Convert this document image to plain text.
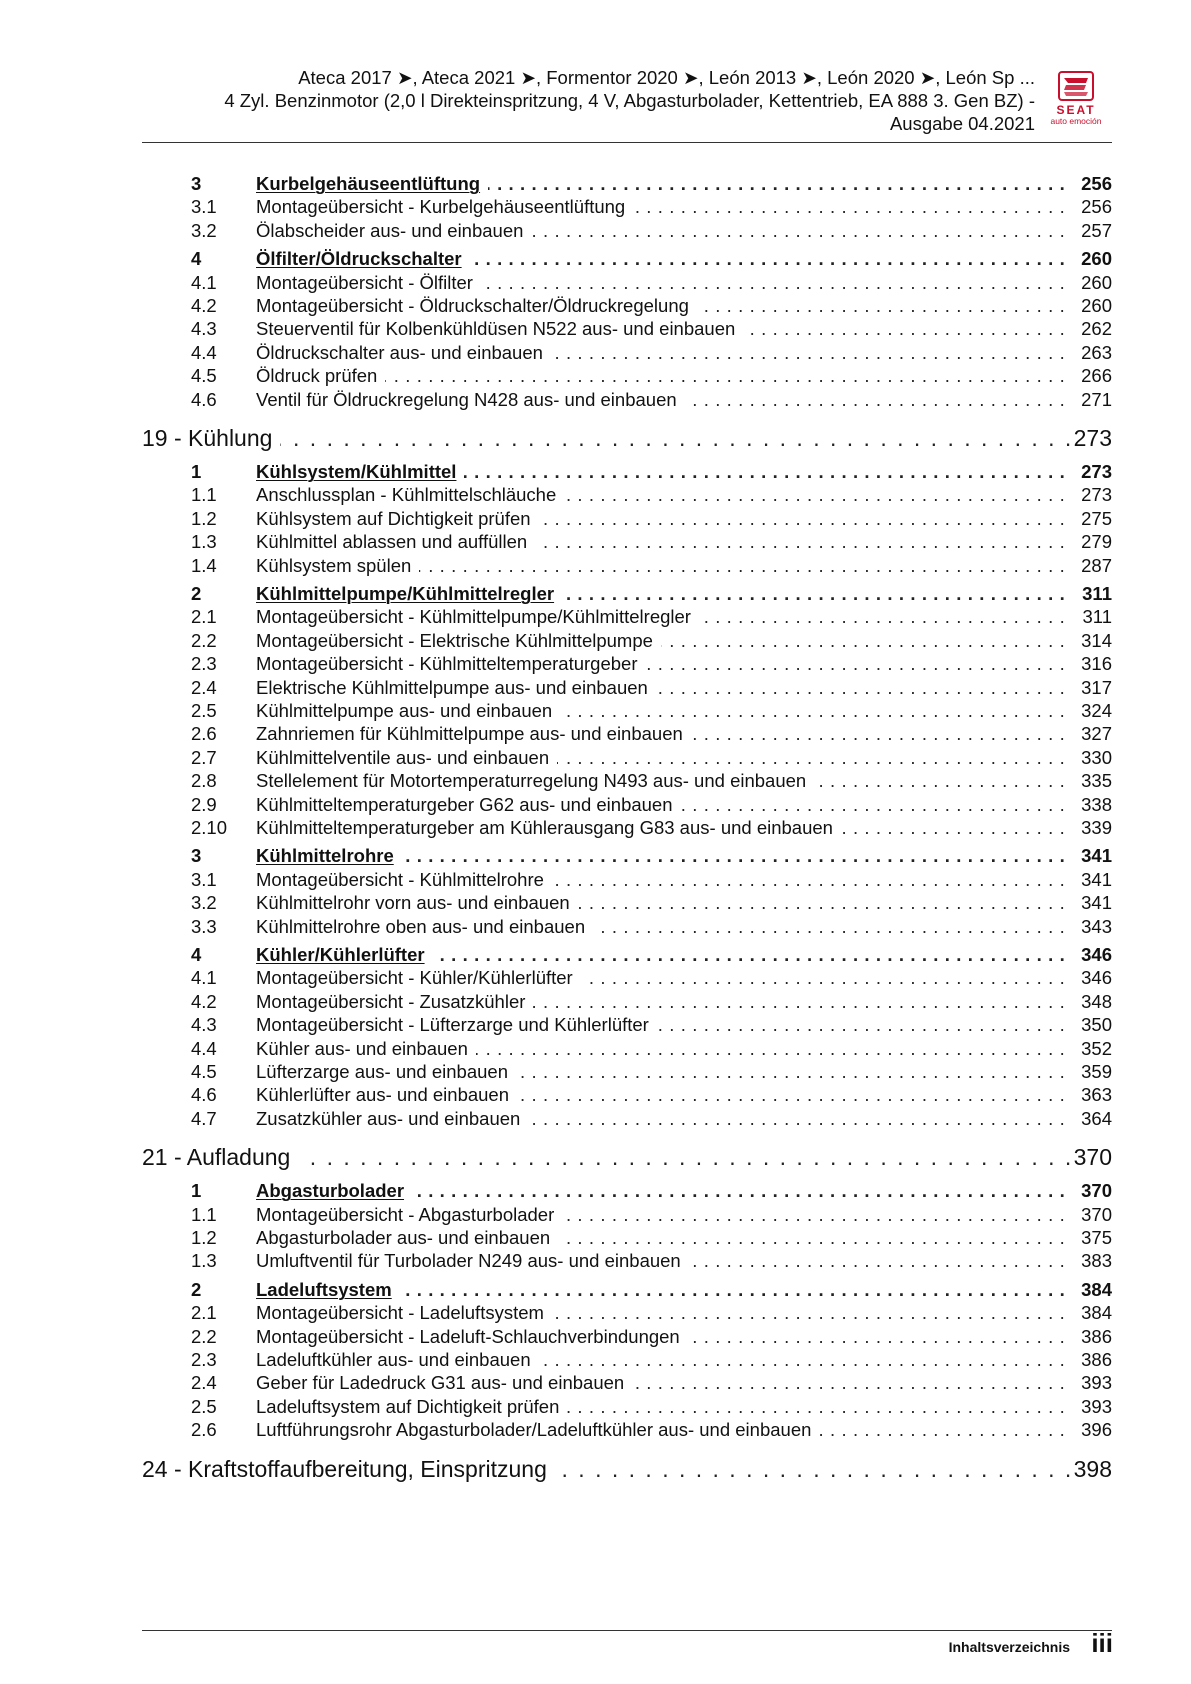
Ateca 2017 ➤, Ateca 2021 ➤, Formentor 2020 ➤, León 2013 ➤, León 2020 ➤, León Sp ...
4 Zyl. Benzinmotor (2,0 l Direkteinspritzung, 4 V, Abgasturbolader, Kettentrieb, EA 888 3. Gen BZ) -
Ausgabe 04.2021
SEAT
auto emoción
3	Kurbelgehäuseentlüftung . . .	256
3.1 Montageübersicht - Kurbelgehäuseentlüftung . . .	256
3.2 Ölabscheider aus- und einbauen . . .	257
4	Ölfilter/Öldruckschalter . . .	260
4.1 Montageübersicht - Ölfilter . . .	260
4.2 Montageübersicht - Öldruckschalter/Öldruckregelung . . .	260
4.3 Steuerventil für Kolbenkühldüsen N522 aus- und einbauen . . .	262
4.4 Öldruckschalter aus- und einbauen . . .	263
4.5 Öldruck prüfen . . .	266
4.6 Ventil für Öldruckregelung N428 aus- und einbauen . . .	271
19 - Kühlung . . .	273
1	Kühlsystem/Kühlmittel . . .	273
1.1 Anschlussplan - Kühlmittelschläuche . . .	273
1.2 Kühlsystem auf Dichtigkeit prüfen . . .	275
1.3 Kühlmittel ablassen und auffüllen . . .	279
1.4 Kühlsystem spülen . . .	287
2	Kühlmittelpumpe/Kühlmittelregler . . .	311
2.1 Montageübersicht - Kühlmittelpumpe/Kühlmittelregler . . .	311
2.2 Montageübersicht - Elektrische Kühlmittelpumpe . . .	314
2.3 Montageübersicht - Kühlmitteltemperaturgeber . . .	316
2.4 Elektrische Kühlmittelpumpe aus- und einbauen . . .	317
2.5 Kühlmittelpumpe aus- und einbauen . . .	324
2.6 Zahnriemen für Kühlmittelpumpe aus- und einbauen . . .	327
2.7 Kühlmittelventile aus- und einbauen . . .	330
2.8 Stellelement für Motortemperaturregelung N493 aus- und einbauen . . .	335
2.9 Kühlmitteltemperaturgeber G62 aus- und einbauen . . .	338
2.10 Kühlmitteltemperaturgeber am Kühlerausgang G83 aus- und einbauen . . .	339
3	Kühlmittelrohre . . .	341
3.1 Montageübersicht - Kühlmittelrohre . . .	341
3.2 Kühlmittelrohr vorn aus- und einbauen . . .	341
3.3 Kühlmittelrohre oben aus- und einbauen . . .	343
4	Kühler/Kühlerlüfter . . .	346
4.1 Montageübersicht - Kühler/Kühlerlüfter . . .	346
4.2 Montageübersicht - Zusatzkühler . . .	348
4.3 Montageübersicht - Lüfterzarge und Kühlerlüfter . . .	350
4.4 Kühler aus- und einbauen . . .	352
4.5 Lüfterzarge aus- und einbauen . . .	359
4.6 Kühlerlüfter aus- und einbauen . . .	363
4.7 Zusatzkühler aus- und einbauen . . .	364
21 - Aufladung . . .	370
1	Abgasturbolader . . .	370
1.1 Montageübersicht - Abgasturbolader . . .	370
1.2 Abgasturbolader aus- und einbauen . . .	375
1.3 Umluftventil für Turbolader N249 aus- und einbauen . . .	383
2	Ladeluftsystem . . .	384
2.1 Montageübersicht - Ladeluftsystem . . .	384
2.2 Montageübersicht - Ladeluft-Schlauchverbindungen . . .	386
2.3 Ladeluftkühler aus- und einbauen . . .	386
2.4 Geber für Ladedruck G31 aus- und einbauen . . .	393
2.5 Ladeluftsystem auf Dichtigkeit prüfen . . .	393
2.6 Luftführungsrohr Abgasturbolader/Ladeluftkühler aus- und einbauen . . .	396
24 - Kraftstoffaufbereitung, Einspritzung . . .	398
Inhaltsverzeichnis iii
